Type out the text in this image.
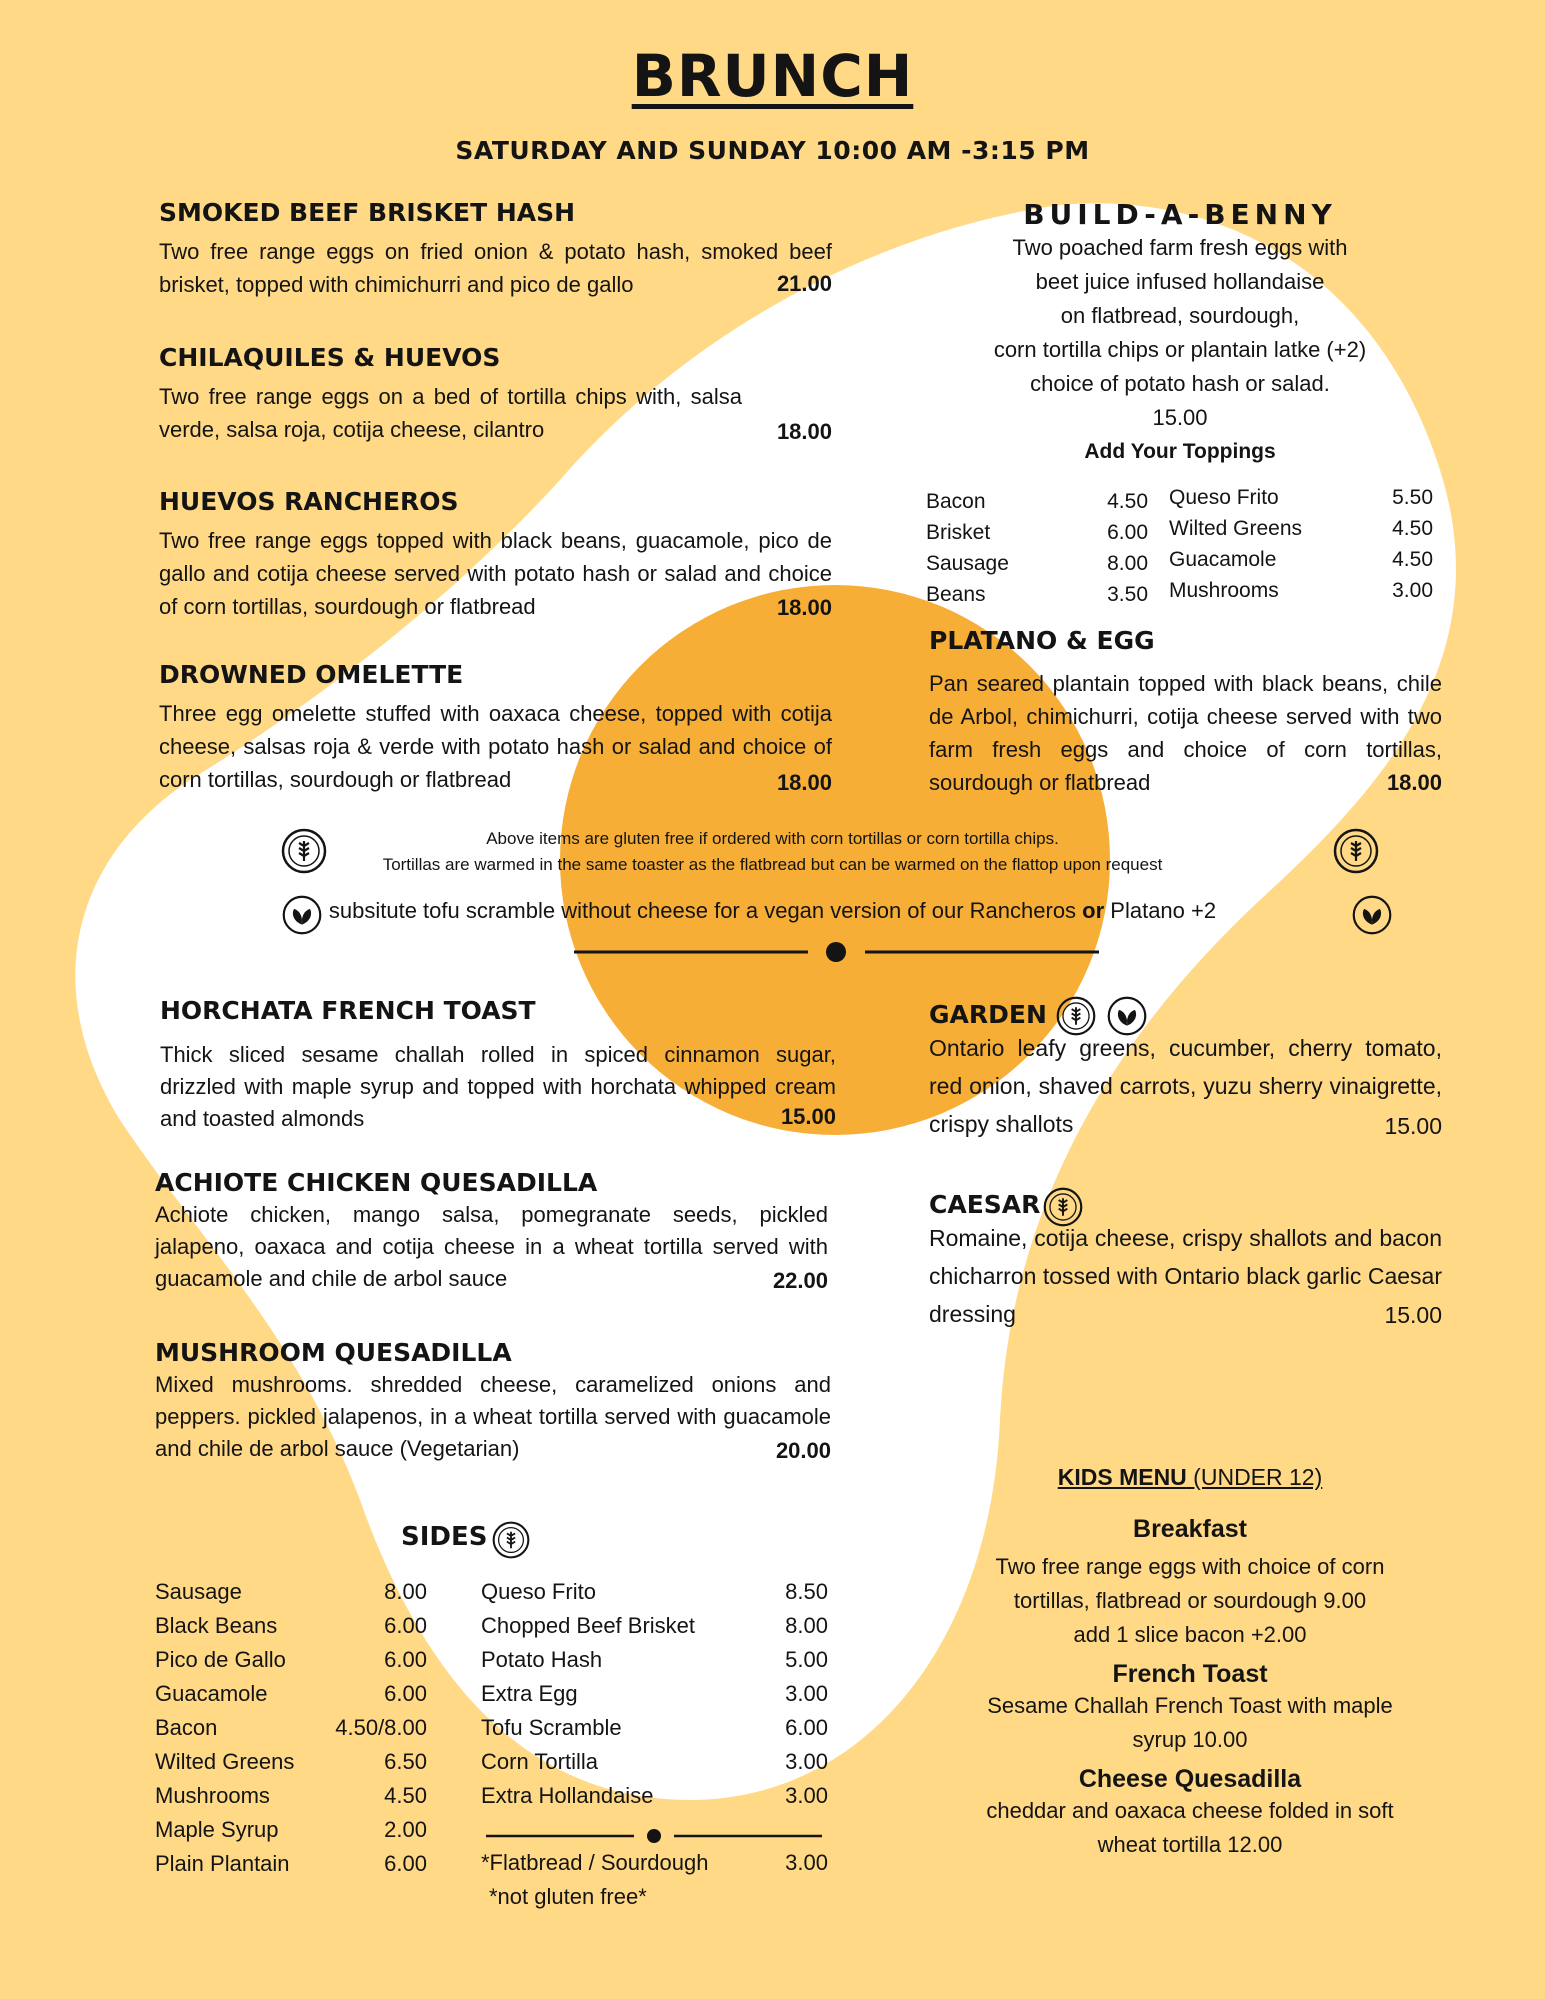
BRUNCH
SATURDAY AND SUNDAY 10:00 AM -3:15 PM
SMOKED BEEF BRISKET HASH

Two free range eggs on fried onion & potato hash, smoked beef brisket, topped with chimichurri and pico de gallo	21.00
CHILAQUILES & HUEVOS

Two free range eggs on a bed of tortilla chips with, salsa verde, salsa roja, cotija cheese, cilantro	18.00
HUEVOS RANCHEROS

Two free range eggs topped with black beans, guacamole, pico de gallo and cotija cheese served with potato hash or salad and choice of corn tortillas, sourdough or flatbread	18.00
DROWNED OMELETTE

Three egg omelette stuffed with oaxaca cheese, topped with cotija cheese, salsas roja & verde with potato hash or salad and choice of corn tortillas, sourdough or flatbread	18.00
BUILD-A-BENNY
Two poached farm fresh eggs with
beet juice infused hollandaise
on flatbread, sourdough,
corn tortilla chips or plantain latke (+2)
choice of potato hash or salad.
15.00
Add Your Toppings
Bacon	4.50
Brisket	6.00
Sausage	8.00
Beans	3.50
Queso Frito	5.50
Wilted Greens	4.50
Guacamole	4.50
Mushrooms	3.00
PLATANO & EGG

Pan seared plantain topped with black beans, chile de Arbol, chimichurri, cotija cheese served with two farm fresh eggs and choice of corn tortillas, sourdough or flatbread	18.00
Above items are gluten free if ordered with corn tortillas or corn tortilla chips.
Tortillas are warmed in the same toaster as the flatbread but can be warmed on the flattop upon request
subsitute tofu scramble without cheese for a vegan version of our Rancheros or Platano +2
HORCHATA FRENCH TOAST

Thick sliced sesame challah rolled in spiced cinnamon sugar, drizzled with maple syrup and topped with horchata whipped cream and toasted almonds	15.00
ACHIOTE CHICKEN QUESADILLA

Achiote chicken, mango salsa, pomegranate seeds, pickled jalapeno, oaxaca and cotija cheese in a wheat tortilla served with guacamole and chile de arbol sauce	22.00
MUSHROOM QUESADILLA

Mixed mushrooms. shredded cheese, caramelized onions and peppers. pickled jalapenos, in a wheat tortilla served with guacamole and chile de arbol sauce (Vegetarian)	20.00
GARDEN

Ontario leafy greens, cucumber, cherry tomato, red onion, shaved carrots, yuzu sherry vinaigrette, crispy shallots	15.00
CAESAR

Romaine, cotija cheese, crispy shallots and bacon chicharron tossed with Ontario black garlic Caesar dressing	15.00
SIDES
Sausage	8.00
Black Beans	6.00
Pico de Gallo	6.00
Guacamole	6.00
Bacon	4.50/8.00
Wilted Greens	6.50
Mushrooms	4.50
Maple Syrup	2.00
Plain Plantain	6.00
Queso Frito	8.50
Chopped Beef Brisket	8.00
Potato Hash	5.00
Extra Egg	3.00
Tofu Scramble	6.00
Corn Tortilla	3.00
Extra Hollandaise	3.00
*Flatbread / Sourdough	3.00
*not gluten free*
KIDS MENU (UNDER 12)
Breakfast
Two free range eggs with choice of corn
tortillas, flatbread or sourdough 9.00
add 1 slice bacon +2.00
French Toast
Sesame Challah French Toast with maple
syrup 10.00
Cheese Quesadilla
cheddar and oaxaca cheese folded in soft
wheat tortilla 12.00
